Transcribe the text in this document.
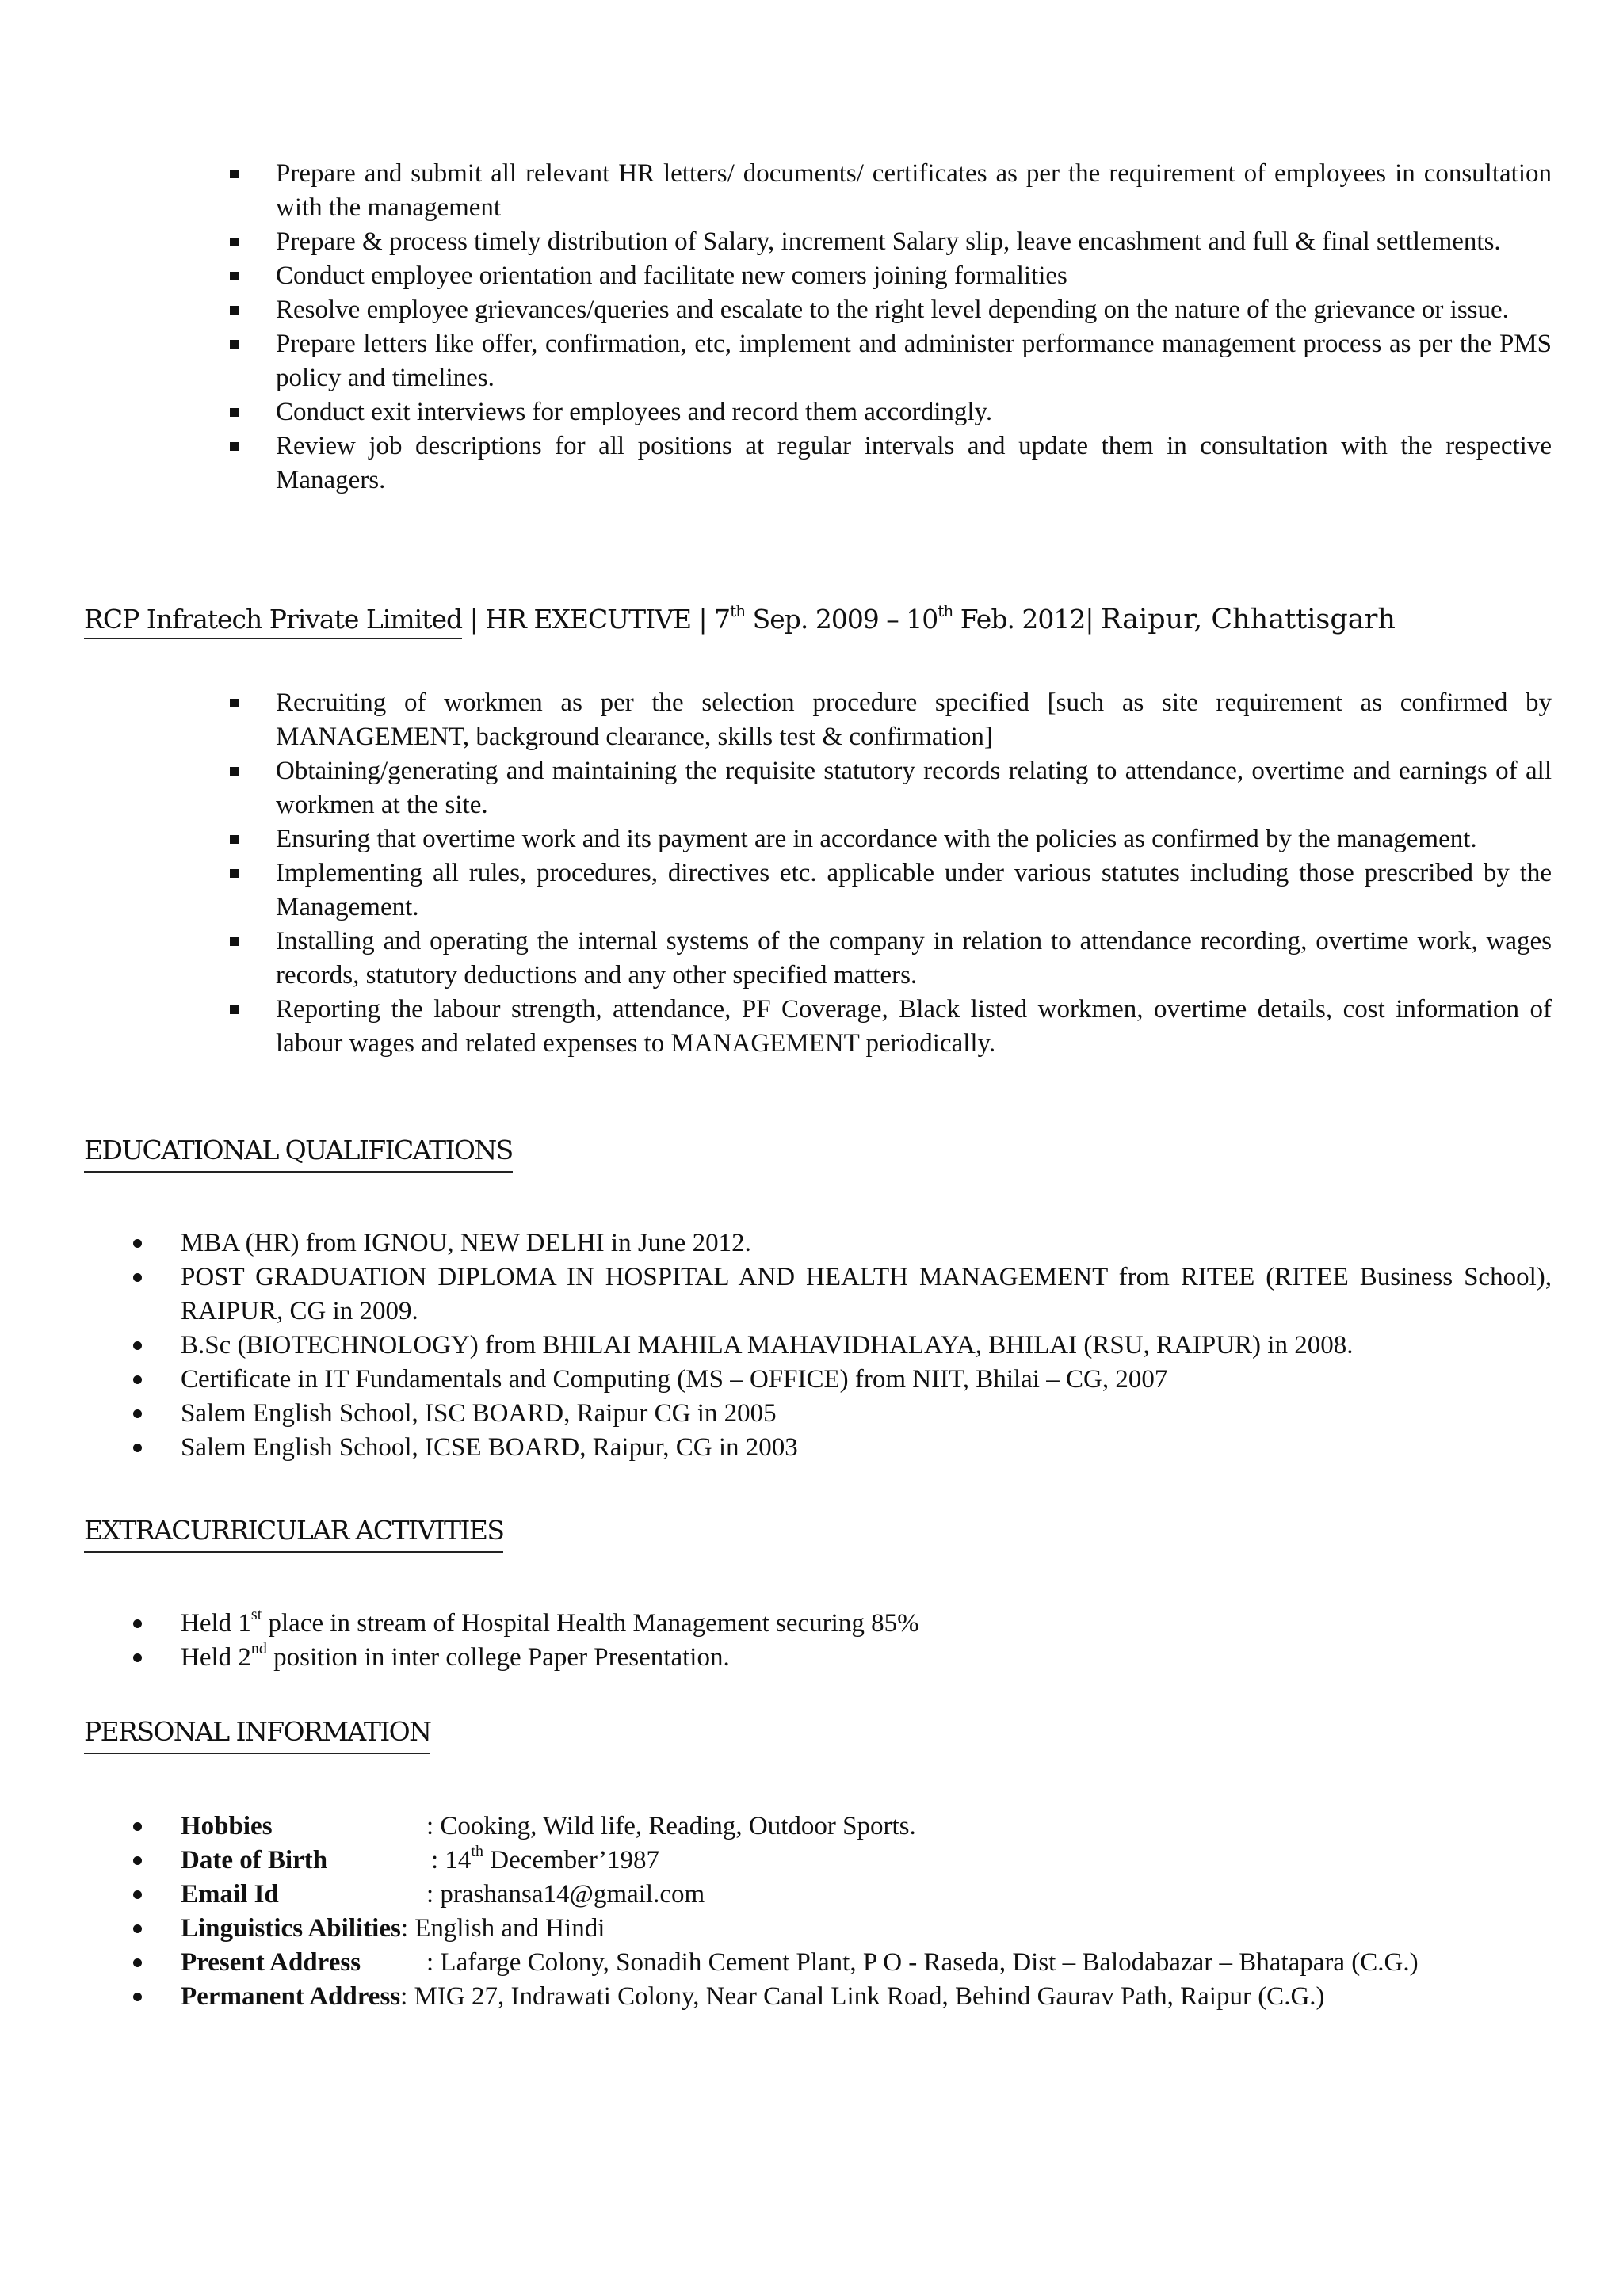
Prepare and submit all relevant HR letters/ documents/ certificates as per the requirement of employees in consultation with the management
Prepare & process timely distribution of Salary, increment Salary slip, leave encashment and full & final settlements.
Conduct employee orientation and facilitate new comers joining formalities
Resolve employee grievances/queries and escalate to the right level depending on the nature of the grievance or issue.
Prepare letters like offer, confirmation, etc, implement and administer performance management process as per the PMS policy and timelines.
Conduct exit interviews for employees and record them accordingly.
Review job descriptions for all positions at regular intervals and update them in consultation with the respective Managers.
RCP Infratech Private Limited | HR EXECUTIVE | 7th Sep. 2009 – 10th Feb. 2012| Raipur, Chhattisgarh
Recruiting of workmen as per the selection procedure specified [such as site requirement as confirmed by MANAGEMENT, background clearance, skills test & confirmation]
Obtaining/generating and maintaining the requisite statutory records relating to attendance, overtime and earnings of all workmen at the site.
Ensuring that overtime work and its payment are in accordance with the policies as confirmed by the management.
Implementing all rules, procedures, directives etc. applicable under various statutes including those prescribed by the Management.
Installing and operating the internal systems of the company in relation to attendance recording, overtime work, wages records, statutory deductions and any other specified matters.
Reporting the labour strength, attendance, PF Coverage, Black listed workmen, overtime details, cost information of labour wages and related expenses to MANAGEMENT periodically.
EDUCATIONAL QUALIFICATIONS
MBA (HR) from IGNOU, NEW DELHI in June 2012.
POST GRADUATION DIPLOMA IN HOSPITAL AND HEALTH MANAGEMENT from RITEE (RITEE Business School), RAIPUR, CG in 2009.
B.Sc (BIOTECHNOLOGY) from BHILAI MAHILA MAHAVIDHALAYA, BHILAI (RSU, RAIPUR) in 2008.
Certificate in IT Fundamentals and Computing (MS – OFFICE) from NIIT, Bhilai – CG, 2007
Salem English School, ISC BOARD, Raipur CG in 2005
Salem English School, ICSE BOARD, Raipur, CG in 2003
EXTRACURRICULAR ACTIVITIES
Held 1st place in stream of Hospital Health Management securing 85%
Held 2nd position in inter college Paper Presentation.
PERSONAL INFORMATION
Hobbies	: Cooking, Wild life, Reading, Outdoor Sports.
Date of Birth	: 14th December’1987
Email Id	: prashansa14@gmail.com
Linguistics Abilities: English and Hindi
Present Address	: Lafarge Colony, Sonadih Cement Plant, P O - Raseda, Dist – Balodabazar – Bhatapara (C.G.)
Permanent Address: MIG 27, Indrawati Colony, Near Canal Link Road, Behind Gaurav Path, Raipur (C.G.)
